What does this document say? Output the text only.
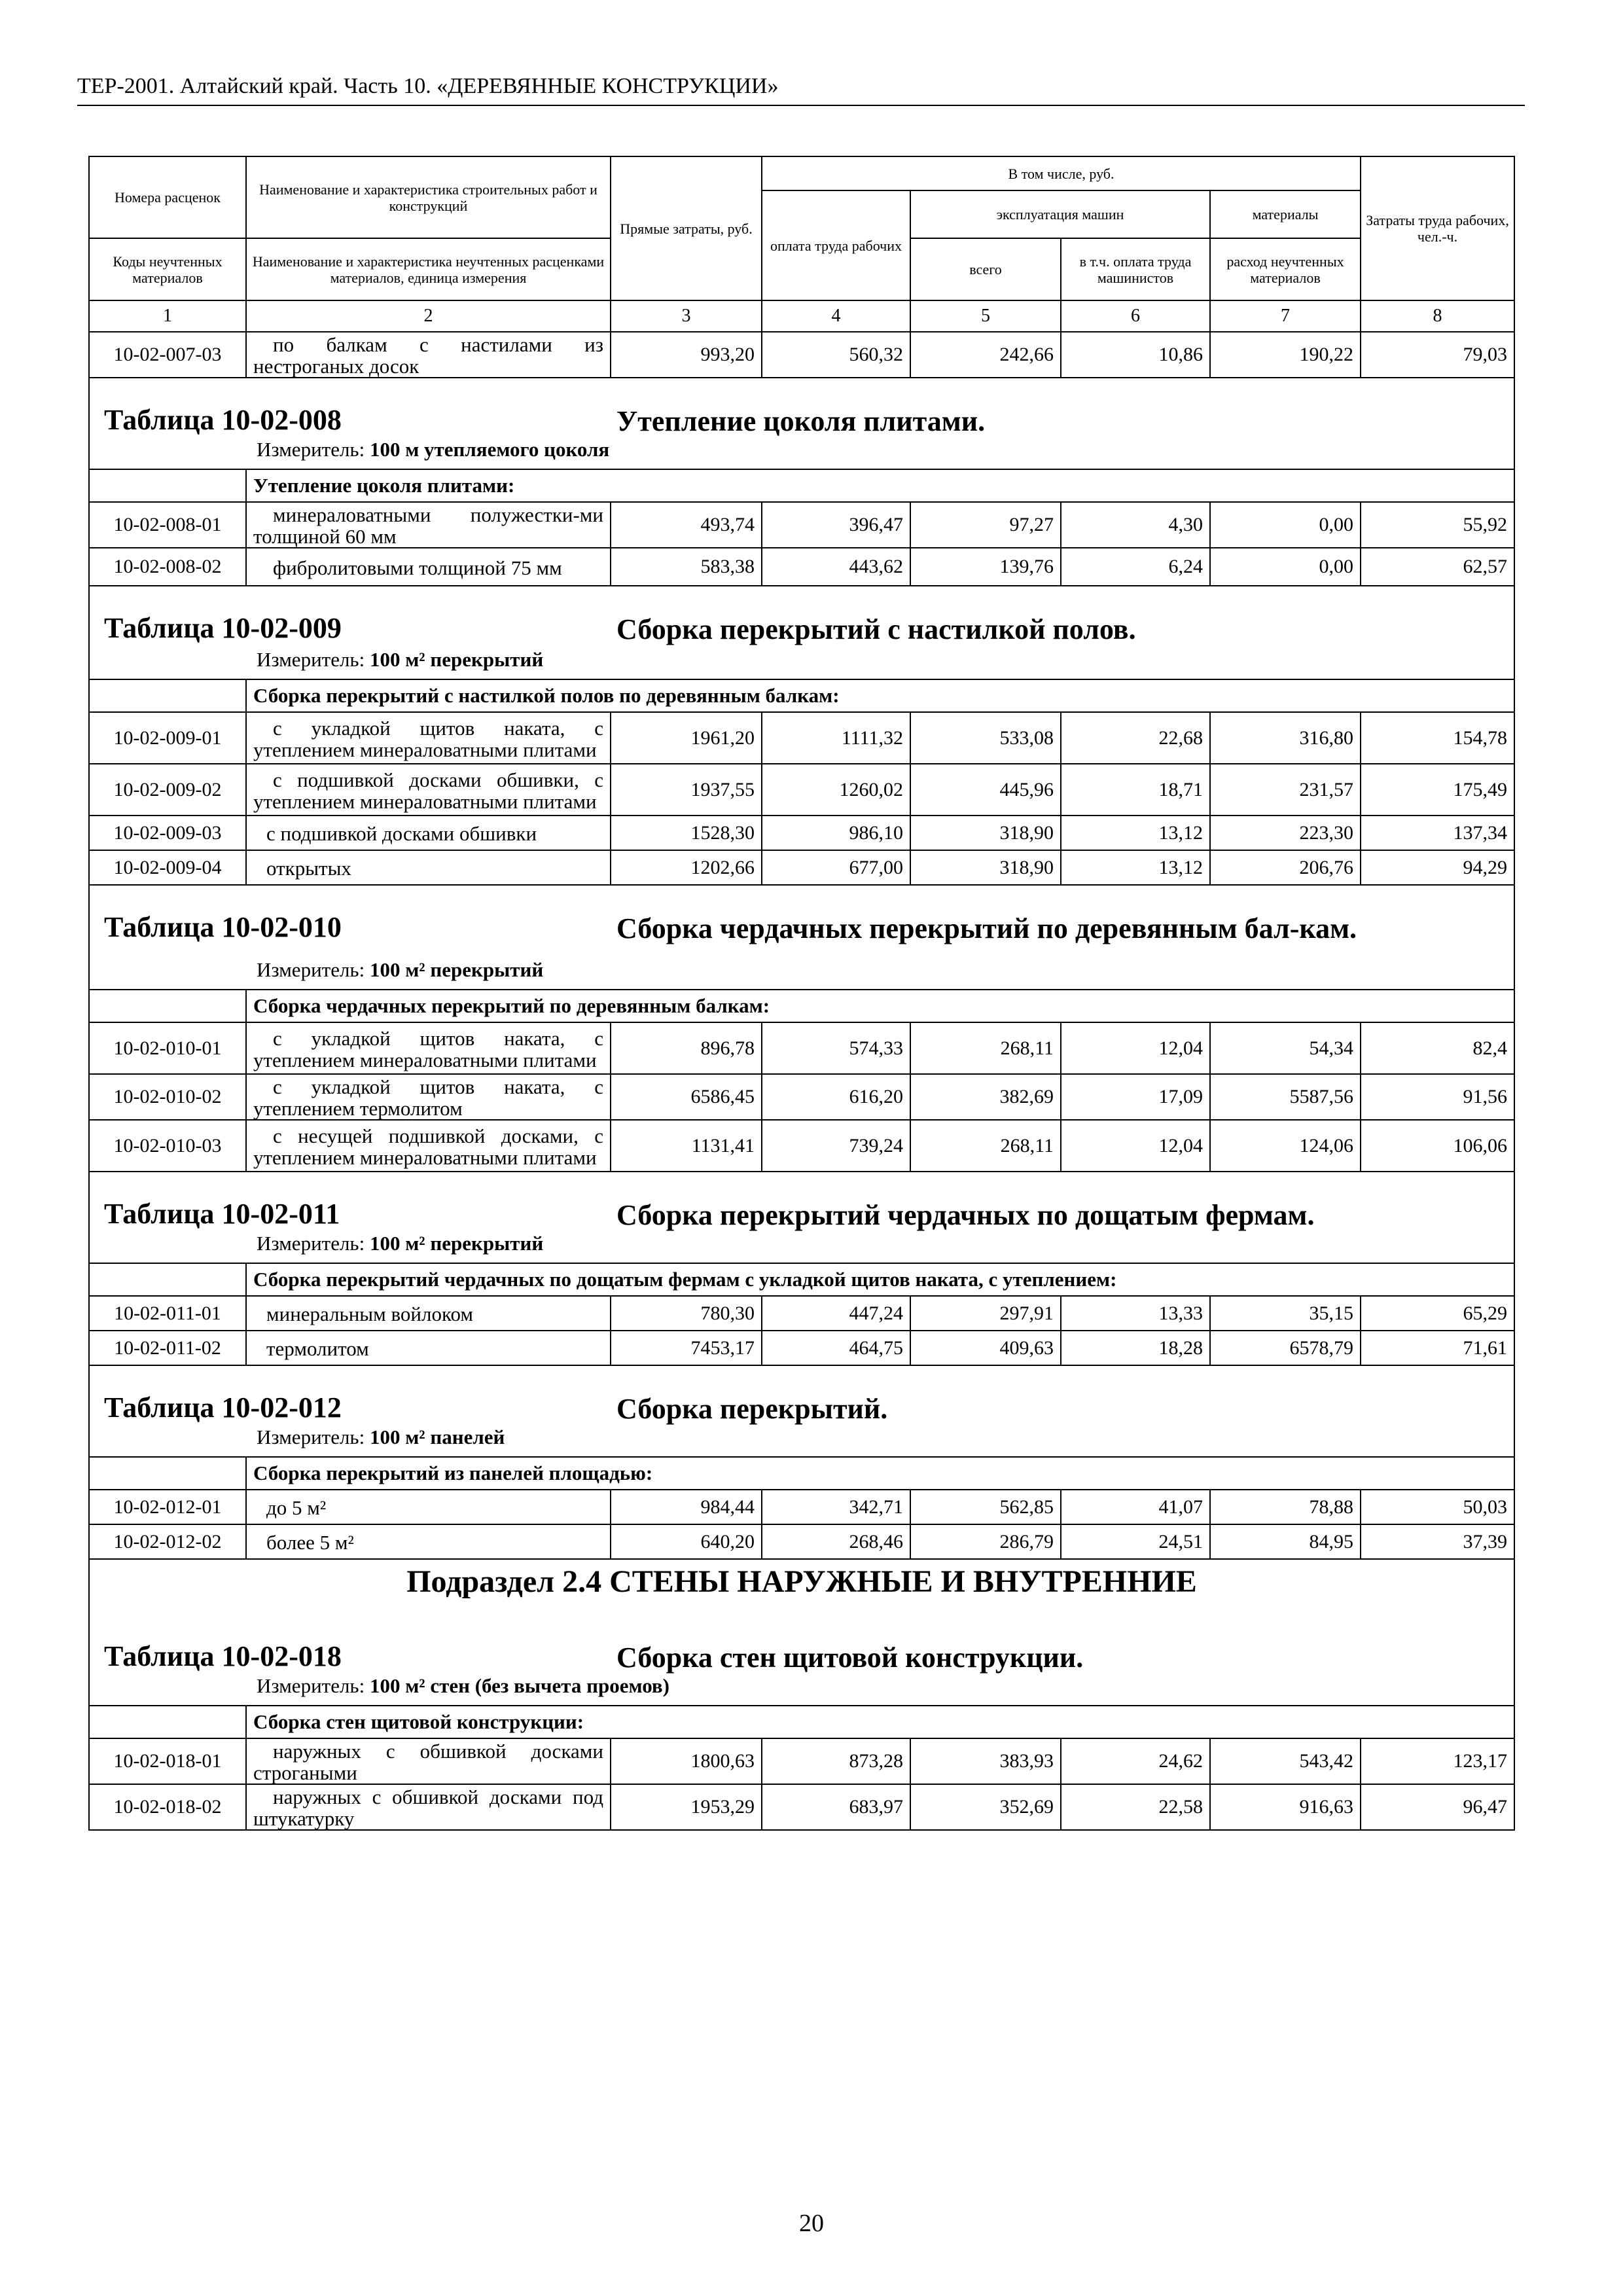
ТЕР-2001. Алтайский край. Часть 10. «ДЕРЕВЯННЫЕ КОНСТРУКЦИИ»
Номера расценок	Наименование и характеристика строительных работ и конструкций	Прямые затраты, руб.	В том числе, руб.				Затраты труда рабочих, чел.-ч.
			оплата труда рабочих	эксплуатация машин		материалы	
Коды неучтенных материалов	Наименование и характеристика неучтенных расценками материалов, единица измерения			всего	в т.ч. оплата труда машинистов	расход неучтенных материалов	
1	2	3	4	5	6	7	8
10-02-007-03	по балкам с настилами из нестроганых досок	993,20	560,32	242,66	10,86	190,22	79,03

Таблица 10-02-008 Утепление цоколя плитами.
Измеритель: 100 м утепляемого цоколя							

	Утепление цоколя плитами:						
10-02-008-01	минераловатными полужестки-ми толщиной 60 мм	493,74	396,47	97,27	4,30	0,00	55,92
10-02-008-02	фибролитовыми толщиной 75 мм	583,38	443,62	139,76	6,24	0,00	62,57

Таблица 10-02-009 Сборка перекрытий с настилкой полов.
Измеритель: 100 м² перекрытий							

	Сборка перекрытий с настилкой полов по деревянным балкам:						
10-02-009-01	с укладкой щитов наката, с утеплением минераловатными плитами	1961,20	1111,32	533,08	22,68	316,80	154,78
10-02-009-02	с подшивкой досками обшивки, с утеплением минераловатными плитами	1937,55	1260,02	445,96	18,71	231,57	175,49
10-02-009-03	с подшивкой досками обшивки	1528,30	986,10	318,90	13,12	223,30	137,34
10-02-009-04	открытых	1202,66	677,00	318,90	13,12	206,76	94,29

Таблица 10-02-010 Сборка чердачных перекрытий по деревянным бал-кам.
Измеритель: 100 м² перекрытий							

	Сборка чердачных перекрытий по деревянным балкам:						
10-02-010-01	с укладкой щитов наката, с утеплением минераловатными плитами	896,78	574,33	268,11	12,04	54,34	82,4
10-02-010-02	с укладкой щитов наката, с утеплением термолитом	6586,45	616,20	382,69	17,09	5587,56	91,56
10-02-010-03	с несущей подшивкой досками, с утеплением минераловатными плитами	1131,41	739,24	268,11	12,04	124,06	106,06

Таблица 10-02-011 Сборка перекрытий чердачных по дощатым фермам.
Измеритель: 100 м² перекрытий							

	Сборка перекрытий чердачных по дощатым фермам с укладкой щитов наката, с утеплением:						
10-02-011-01	минеральным войлоком	780,30	447,24	297,91	13,33	35,15	65,29
10-02-011-02	термолитом	7453,17	464,75	409,63	18,28	6578,79	71,61

Таблица 10-02-012 Сборка перекрытий.
Измеритель: 100 м² панелей							

	Сборка перекрытий из панелей площадью:						
10-02-012-01	до 5 м²	984,44	342,71	562,85	41,07	78,88	50,03
10-02-012-02	более 5 м²	640,20	268,46	286,79	24,51	84,95	37,39

Подраздел 2.4 СТЕНЫ НАРУЖНЫЕ И ВНУТРЕННИЕ
Таблица 10-02-018 Сборка стен щитовой конструкции.
Измеритель: 100 м² стен (без вычета проемов)							

	Сборка стен щитовой конструкции:						
10-02-018-01	наружных с обшивкой досками строгаными	1800,63	873,28	383,93	24,62	543,42	123,17
10-02-018-02	наружных с обшивкой досками под штукатурку	1953,29	683,97	352,69	22,58	916,63	96,47
20
